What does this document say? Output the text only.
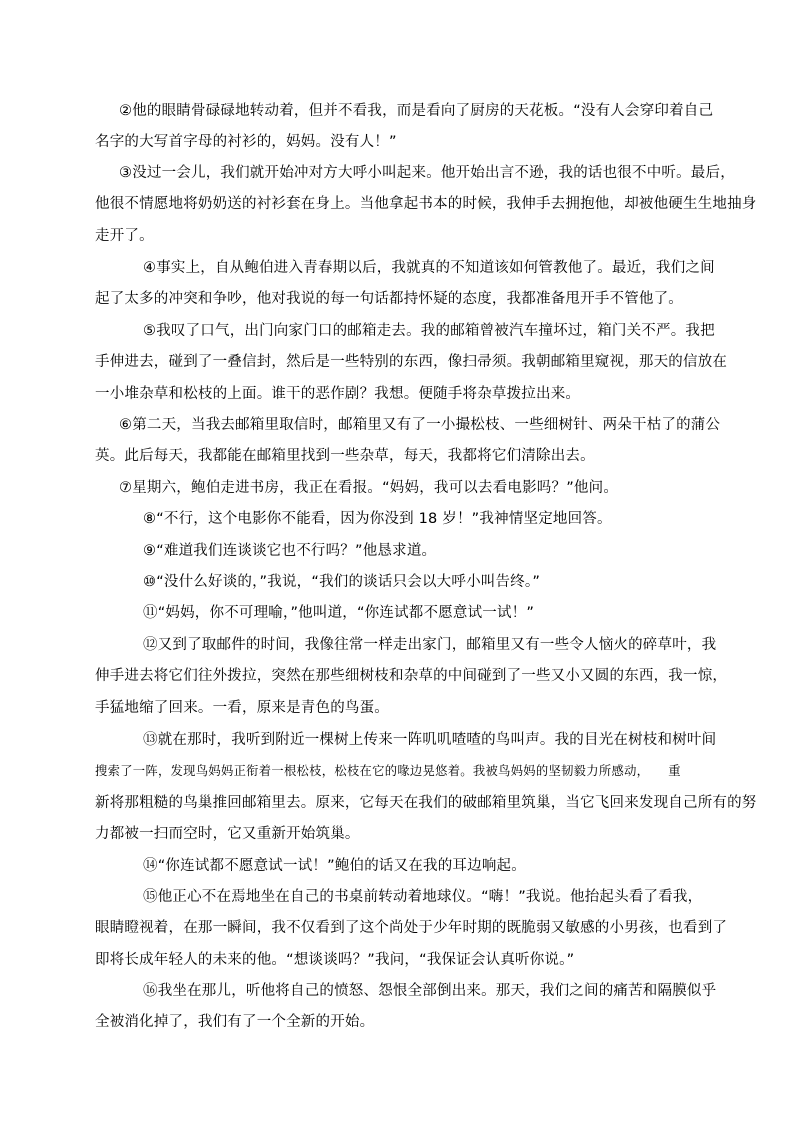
②他的眼睛骨碌碌地转动着，但并不看我，而是看向了厨房的天花板。“没有人会穿印着自己
名字的大写首字母的衬衫的，妈妈。没有人！”
③没过一会儿，我们就开始冲对方大呼小叫起来。他开始出言不逊，我的话也很不中听。最后，
他很不情愿地将奶奶送的衬衫套在身上。当他拿起书本的时候，我伸手去拥抱他，却被他硬生生地抽身
走开了。
④事实上，自从鲍伯进入青春期以后，我就真的不知道该如何管教他了。最近，我们之间
起了太多的冲突和争吵，他对我说的每一句话都持怀疑的态度，我都准备甩开手不管他了。
⑤我叹了口气，出门向家门口的邮箱走去。我的邮箱曾被汽车撞坏过，箱门关不严。我把
手伸进去，碰到了一叠信封，然后是一些特别的东西，像扫帚须。我朝邮箱里窥视，那天的信放在
一小堆杂草和松枝的上面。谁干的恶作剧？我想。便随手将杂草拨拉出来。
⑥第二天，当我去邮箱里取信时，邮箱里又有了一小撮松枝、一些细树针、两朵干枯了的蒲公
英。此后每天，我都能在邮箱里找到一些杂草，每天，我都将它们清除出去。
⑦星期六，鲍伯走进书房，我正在看报。“妈妈，我可以去看电影吗？”他问。
⑧“不行，这个电影你不能看，因为你没到 18 岁！”我神情坚定地回答。
⑨“难道我们连谈谈它也不行吗？”他恳求道。
⑩“没什么好谈的，”我说，“我们的谈话只会以大呼小叫告终。”
⑪“妈妈，你不可理喻，”他叫道，“你连试都不愿意试一试！”
⑫又到了取邮件的时间，我像往常一样走出家门，邮箱里又有一些令人恼火的碎草叶，我
伸手进去将它们往外拨拉，突然在那些细树枝和杂草的中间碰到了一些又小又圆的东西，我一惊，
手猛地缩了回来。一看，原来是青色的鸟蛋。
⑬就在那时，我听到附近一棵树上传来一阵叽叽喳喳的鸟叫声。我的目光在树枝和树叶间
搜索了一阵，发现鸟妈妈正衔着一根松枝，松枝在它的喙边晃悠着。我被鸟妈妈的坚韧毅力所感动，　　重
新将那粗糙的鸟巢推回邮箱里去。原来，它每天在我们的破邮箱里筑巢，当它飞回来发现自己所有的努
力都被一扫而空时，它又重新开始筑巢。
⑭“你连试都不愿意试一试！”鲍伯的话又在我的耳边响起。
⑮他正心不在焉地坐在自己的书桌前转动着地球仪。“嗨！”我说。他抬起头看了看我，
眼睛瞪视着，在那一瞬间，我不仅看到了这个尚处于少年时期的既脆弱又敏感的小男孩，也看到了
即将长成年轻人的未来的他。“想谈谈吗？”我问，“我保证会认真听你说。”
⑯我坐在那儿，听他将自己的愤怒、怨恨全部倒出来。那天，我们之间的痛苦和隔膜似乎
全被消化掉了，我们有了一个全新的开始。
